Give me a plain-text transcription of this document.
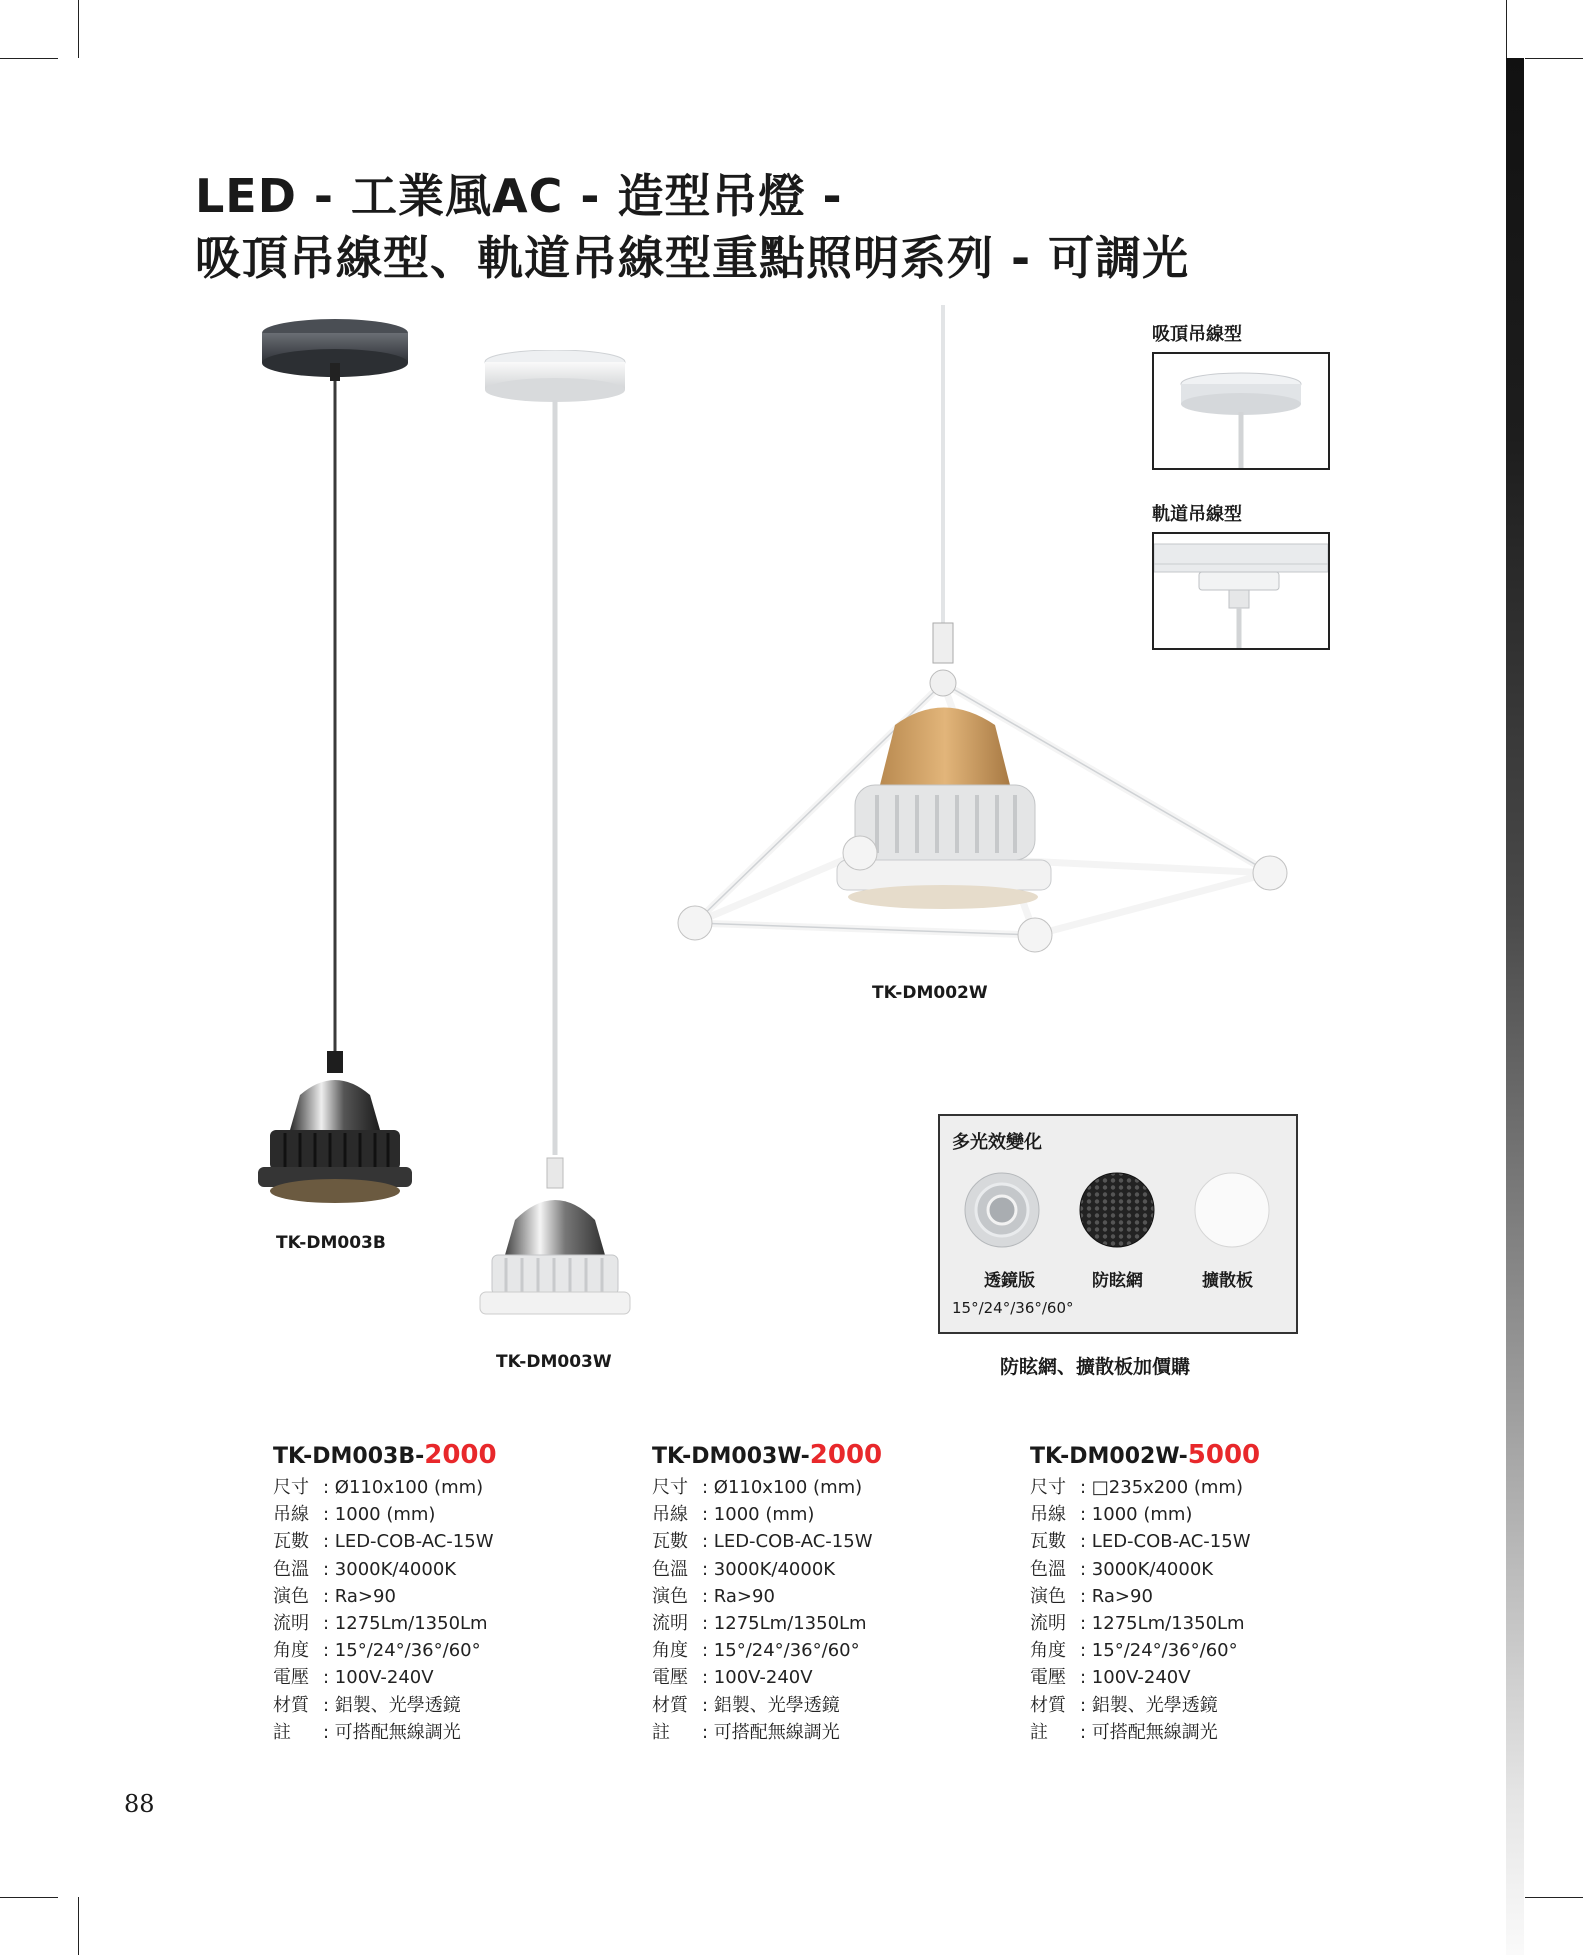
LED - 工業風AC - 造型吊燈 -
吸頂吊線型、軌道吊線型重點照明系列 - 可調光
TK-DM003B
TK-DM003W
TK-DM002W
吸頂吊線型
軌道吊線型
多光效變化
透鏡版	防眩網	擴散板
15°/24°/36°/60°
防眩網、擴散板加價購
TK-DM003B-2000
尺寸 : Ø110x100 (mm)
吊線 : 1000 (mm)
瓦數 : LED-COB-AC-15W
色溫 : 3000K/4000K
演色 : Ra>90
流明 : 1275Lm/1350Lm
角度 : 15°/24°/36°/60°
電壓 : 100V-240V
材質 : 鋁製、光學透鏡
註 : 可搭配無線調光
TK-DM003W-2000
尺寸 : Ø110x100 (mm)
吊線 : 1000 (mm)
瓦數 : LED-COB-AC-15W
色溫 : 3000K/4000K
演色 : Ra>90
流明 : 1275Lm/1350Lm
角度 : 15°/24°/36°/60°
電壓 : 100V-240V
材質 : 鋁製、光學透鏡
註 : 可搭配無線調光
TK-DM002W-5000
尺寸 : □235x200 (mm)
吊線 : 1000 (mm)
瓦數 : LED-COB-AC-15W
色溫 : 3000K/4000K
演色 : Ra>90
流明 : 1275Lm/1350Lm
角度 : 15°/24°/36°/60°
電壓 : 100V-240V
材質 : 鋁製、光學透鏡
註 : 可搭配無線調光
88
